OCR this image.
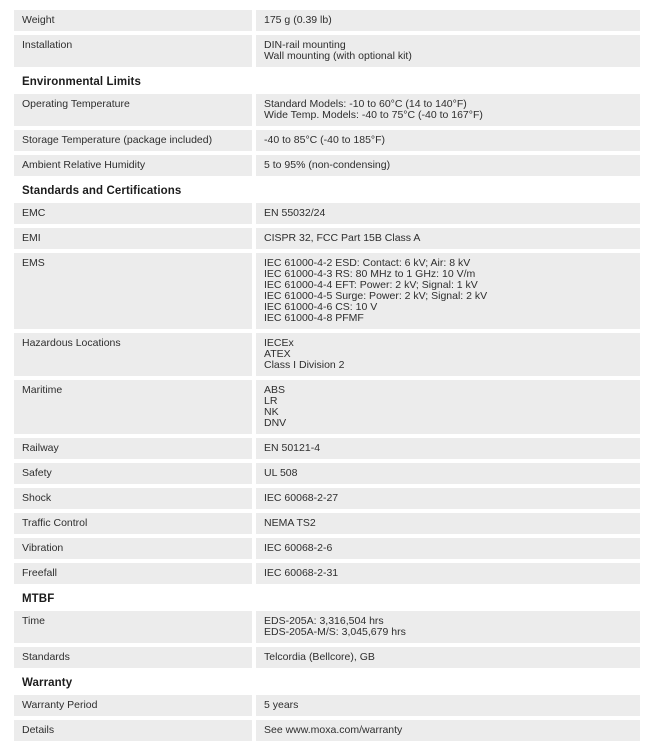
Weight	175 g (0.39 lb)
Installation	DIN-rail mounting
Wall mounting (with optional kit)
Environmental Limits
Operating Temperature	Standard Models: -10 to 60°C (14 to 140°F)
Wide Temp. Models: -40 to 75°C (-40 to 167°F)
Storage Temperature (package included)	-40 to 85°C (-40 to 185°F)
Ambient Relative Humidity	5 to 95% (non-condensing)
Standards and Certifications
EMC	EN 55032/24
EMI	CISPR 32, FCC Part 15B Class A
EMS	IEC 61000-4-2 ESD: Contact: 6 kV; Air: 8 kV
IEC 61000-4-3 RS: 80 MHz to 1 GHz: 10 V/m
IEC 61000-4-4 EFT: Power: 2 kV; Signal: 1 kV
IEC 61000-4-5 Surge: Power: 2 kV; Signal: 2 kV
IEC 61000-4-6 CS: 10 V
IEC 61000-4-8 PFMF
Hazardous Locations	IECEx
ATEX
Class I Division 2
Maritime	ABS
LR
NK
DNV
Railway	EN 50121-4
Safety	UL 508
Shock	IEC 60068-2-27
Traffic Control	NEMA TS2
Vibration	IEC 60068-2-6
Freefall	IEC 60068-2-31
MTBF
Time	EDS-205A: 3,316,504 hrs
EDS-205A-M/S: 3,045,679 hrs
Standards	Telcordia (Bellcore), GB
Warranty
Warranty Period	5 years
Details	See www.moxa.com/warranty
